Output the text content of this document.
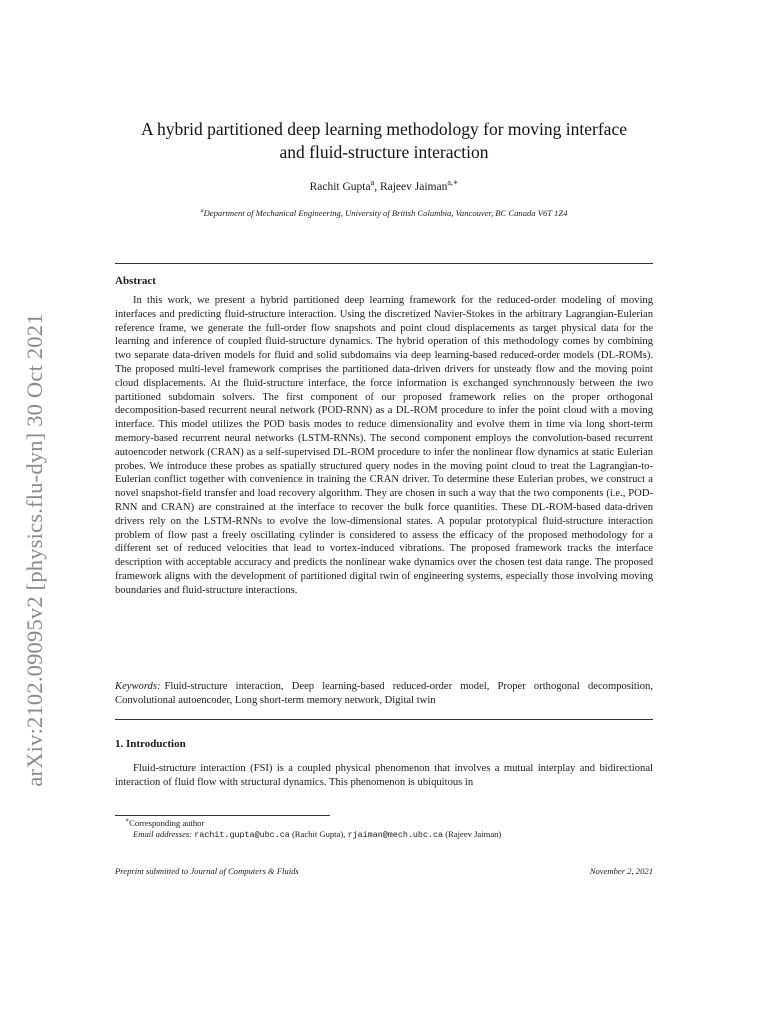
arXiv:2102.09095v2 [physics.flu-dyn] 30 Oct 2021
A hybrid partitioned deep learning methodology for moving interface
and fluid-structure interaction
Rachit Gupta$^a$, Rajeev Jaiman$^{a,∗}$
$^a$Department of Mechanical Engineering, University of British Columbia, Vancouver, BC Canada V6T 1Z4
Abstract

In this work, we present a hybrid partitioned deep learning framework for the reduced-order modeling of moving interfaces and predicting fluid-structure interaction. Using the discretized Navier-Stokes in the arbitrary Lagrangian-Eulerian reference frame, we generate the full-order flow snapshots and point cloud displacements as target physical data for the learning and inference of coupled fluid-structure dynamics. The hybrid operation of this methodology comes by combining two separate data-driven models for fluid and solid subdomains via deep learning-based reduced-order models (DL-ROMs). The proposed multi-level framework comprises the partitioned data-driven drivers for unsteady flow and the moving point cloud displacements. At the fluid-structure interface, the force information is exchanged synchronously between the two partitioned subdomain solvers. The first component of our proposed framework relies on the proper orthogonal decomposition-based recurrent neural network (POD-RNN) as a DL-ROM procedure to infer the point cloud with a moving interface. This model utilizes the POD basis modes to reduce dimensionality and evolve them in time via long short-term memory-based recurrent neural networks (LSTM-RNNs). The second component employs the convolution-based recurrent autoencoder network (CRAN) as a self-supervised DL-ROM procedure to infer the nonlinear flow dynamics at static Eulerian probes. We introduce these probes as spatially structured query nodes in the moving point cloud to treat the Lagrangian-to-Eulerian conflict together with convenience in training the CRAN driver. To determine these Eulerian probes, we construct a novel snapshot-field transfer and load recovery algorithm. They are chosen in such a way that the two components (i.e., POD-RNN and CRAN) are constrained at the interface to recover the bulk force quantities. These DL-ROM-based data-driven drivers rely on the LSTM-RNNs to evolve the low-dimensional states. A popular prototypical fluid-structure interaction problem of flow past a freely oscillating cylinder is considered to assess the efficacy of the proposed methodology for a different set of reduced velocities that lead to vortex-induced vibrations. The proposed framework tracks the interface description with acceptable accuracy and predicts the nonlinear wake dynamics over the chosen test data range. The proposed framework aligns with the development of partitioned digital twin of engineering systems, especially those involving moving boundaries and fluid-structure interactions.

Keywords: Fluid-structure interaction, Deep learning-based reduced-order model, Proper orthogonal decomposition, Convolutional autoencoder, Long short-term memory network, Digital twin

1. Introduction

Fluid-structure interaction (FSI) is a coupled physical phenomenon that involves a mutual interplay and bidirectional interaction of fluid flow with structural dynamics. This phenomenon is ubiquitous in

∗Corresponding author
Email addresses: rachit.gupta@ubc.ca (Rachit Gupta), rjaiman@mech.ubc.ca (Rajeev Jaiman)
Preprint submitted to Journal of Computers & Fluids	November 2, 2021
